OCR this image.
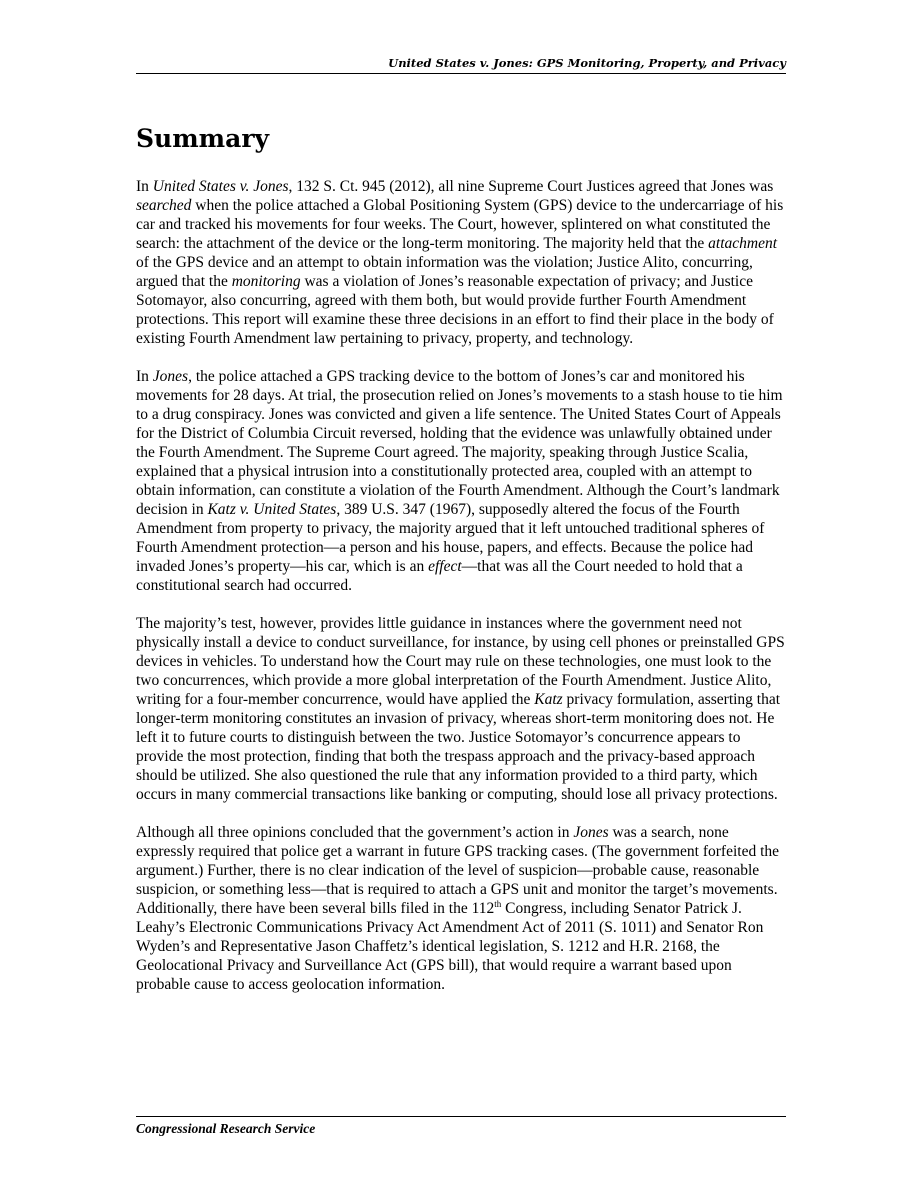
United States v. Jones: GPS Monitoring, Property, and Privacy
Summary

In United States v. Jones, 132 S. Ct. 945 (2012), all nine Supreme Court Justices agreed that Jones was searched when the police attached a Global Positioning System (GPS) device to the undercarriage of his car and tracked his movements for four weeks. The Court, however, splintered on what constituted the search: the attachment of the device or the long-term monitoring. The majority held that the attachment of the GPS device and an attempt to obtain information was the violation; Justice Alito, concurring, argued that the monitoring was a violation of Jones’s reasonable expectation of privacy; and Justice Sotomayor, also concurring, agreed with them both, but would provide further Fourth Amendment protections. This report will examine these three decisions in an effort to find their place in the body of existing Fourth Amendment law pertaining to privacy, property, and technology.

In Jones, the police attached a GPS tracking device to the bottom of Jones’s car and monitored his movements for 28 days. At trial, the prosecution relied on Jones’s movements to a stash house to tie him to a drug conspiracy. Jones was convicted and given a life sentence. The United States Court of Appeals for the District of Columbia Circuit reversed, holding that the evidence was unlawfully obtained under the Fourth Amendment. The Supreme Court agreed. The majority, speaking through Justice Scalia, explained that a physical intrusion into a constitutionally protected area, coupled with an attempt to obtain information, can constitute a violation of the Fourth Amendment. Although the Court’s landmark decision in Katz v. United States, 389 U.S. 347 (1967), supposedly altered the focus of the Fourth Amendment from property to privacy, the majority argued that it left untouched traditional spheres of Fourth Amendment protection—a person and his house, papers, and effects. Because the police had invaded Jones’s property—his car, which is an effect—that was all the Court needed to hold that a constitutional search had occurred.

The majority’s test, however, provides little guidance in instances where the government need not physically install a device to conduct surveillance, for instance, by using cell phones or preinstalled GPS devices in vehicles. To understand how the Court may rule on these technologies, one must look to the two concurrences, which provide a more global interpretation of the Fourth Amendment. Justice Alito, writing for a four-member concurrence, would have applied the Katz privacy formulation, asserting that longer-term monitoring constitutes an invasion of privacy, whereas short-term monitoring does not. He left it to future courts to distinguish between the two. Justice Sotomayor’s concurrence appears to provide the most protection, finding that both the trespass approach and the privacy-based approach should be utilized. She also questioned the rule that any information provided to a third party, which occurs in many commercial transactions like banking or computing, should lose all privacy protections.

Although all three opinions concluded that the government’s action in Jones was a search, none expressly required that police get a warrant in future GPS tracking cases. (The government forfeited the argument.) Further, there is no clear indication of the level of suspicion—probable cause, reasonable suspicion, or something less—that is required to attach a GPS unit and monitor the target’s movements. Additionally, there have been several bills filed in the 112th Congress, including Senator Patrick J. Leahy’s Electronic Communications Privacy Act Amendment Act of 2011 (S. 1011) and Senator Ron Wyden’s and Representative Jason Chaffetz’s identical legislation, S. 1212 and H.R. 2168, the Geolocational Privacy and Surveillance Act (GPS bill), that would require a warrant based upon probable cause to access geolocation information.

Congressional Research Service
